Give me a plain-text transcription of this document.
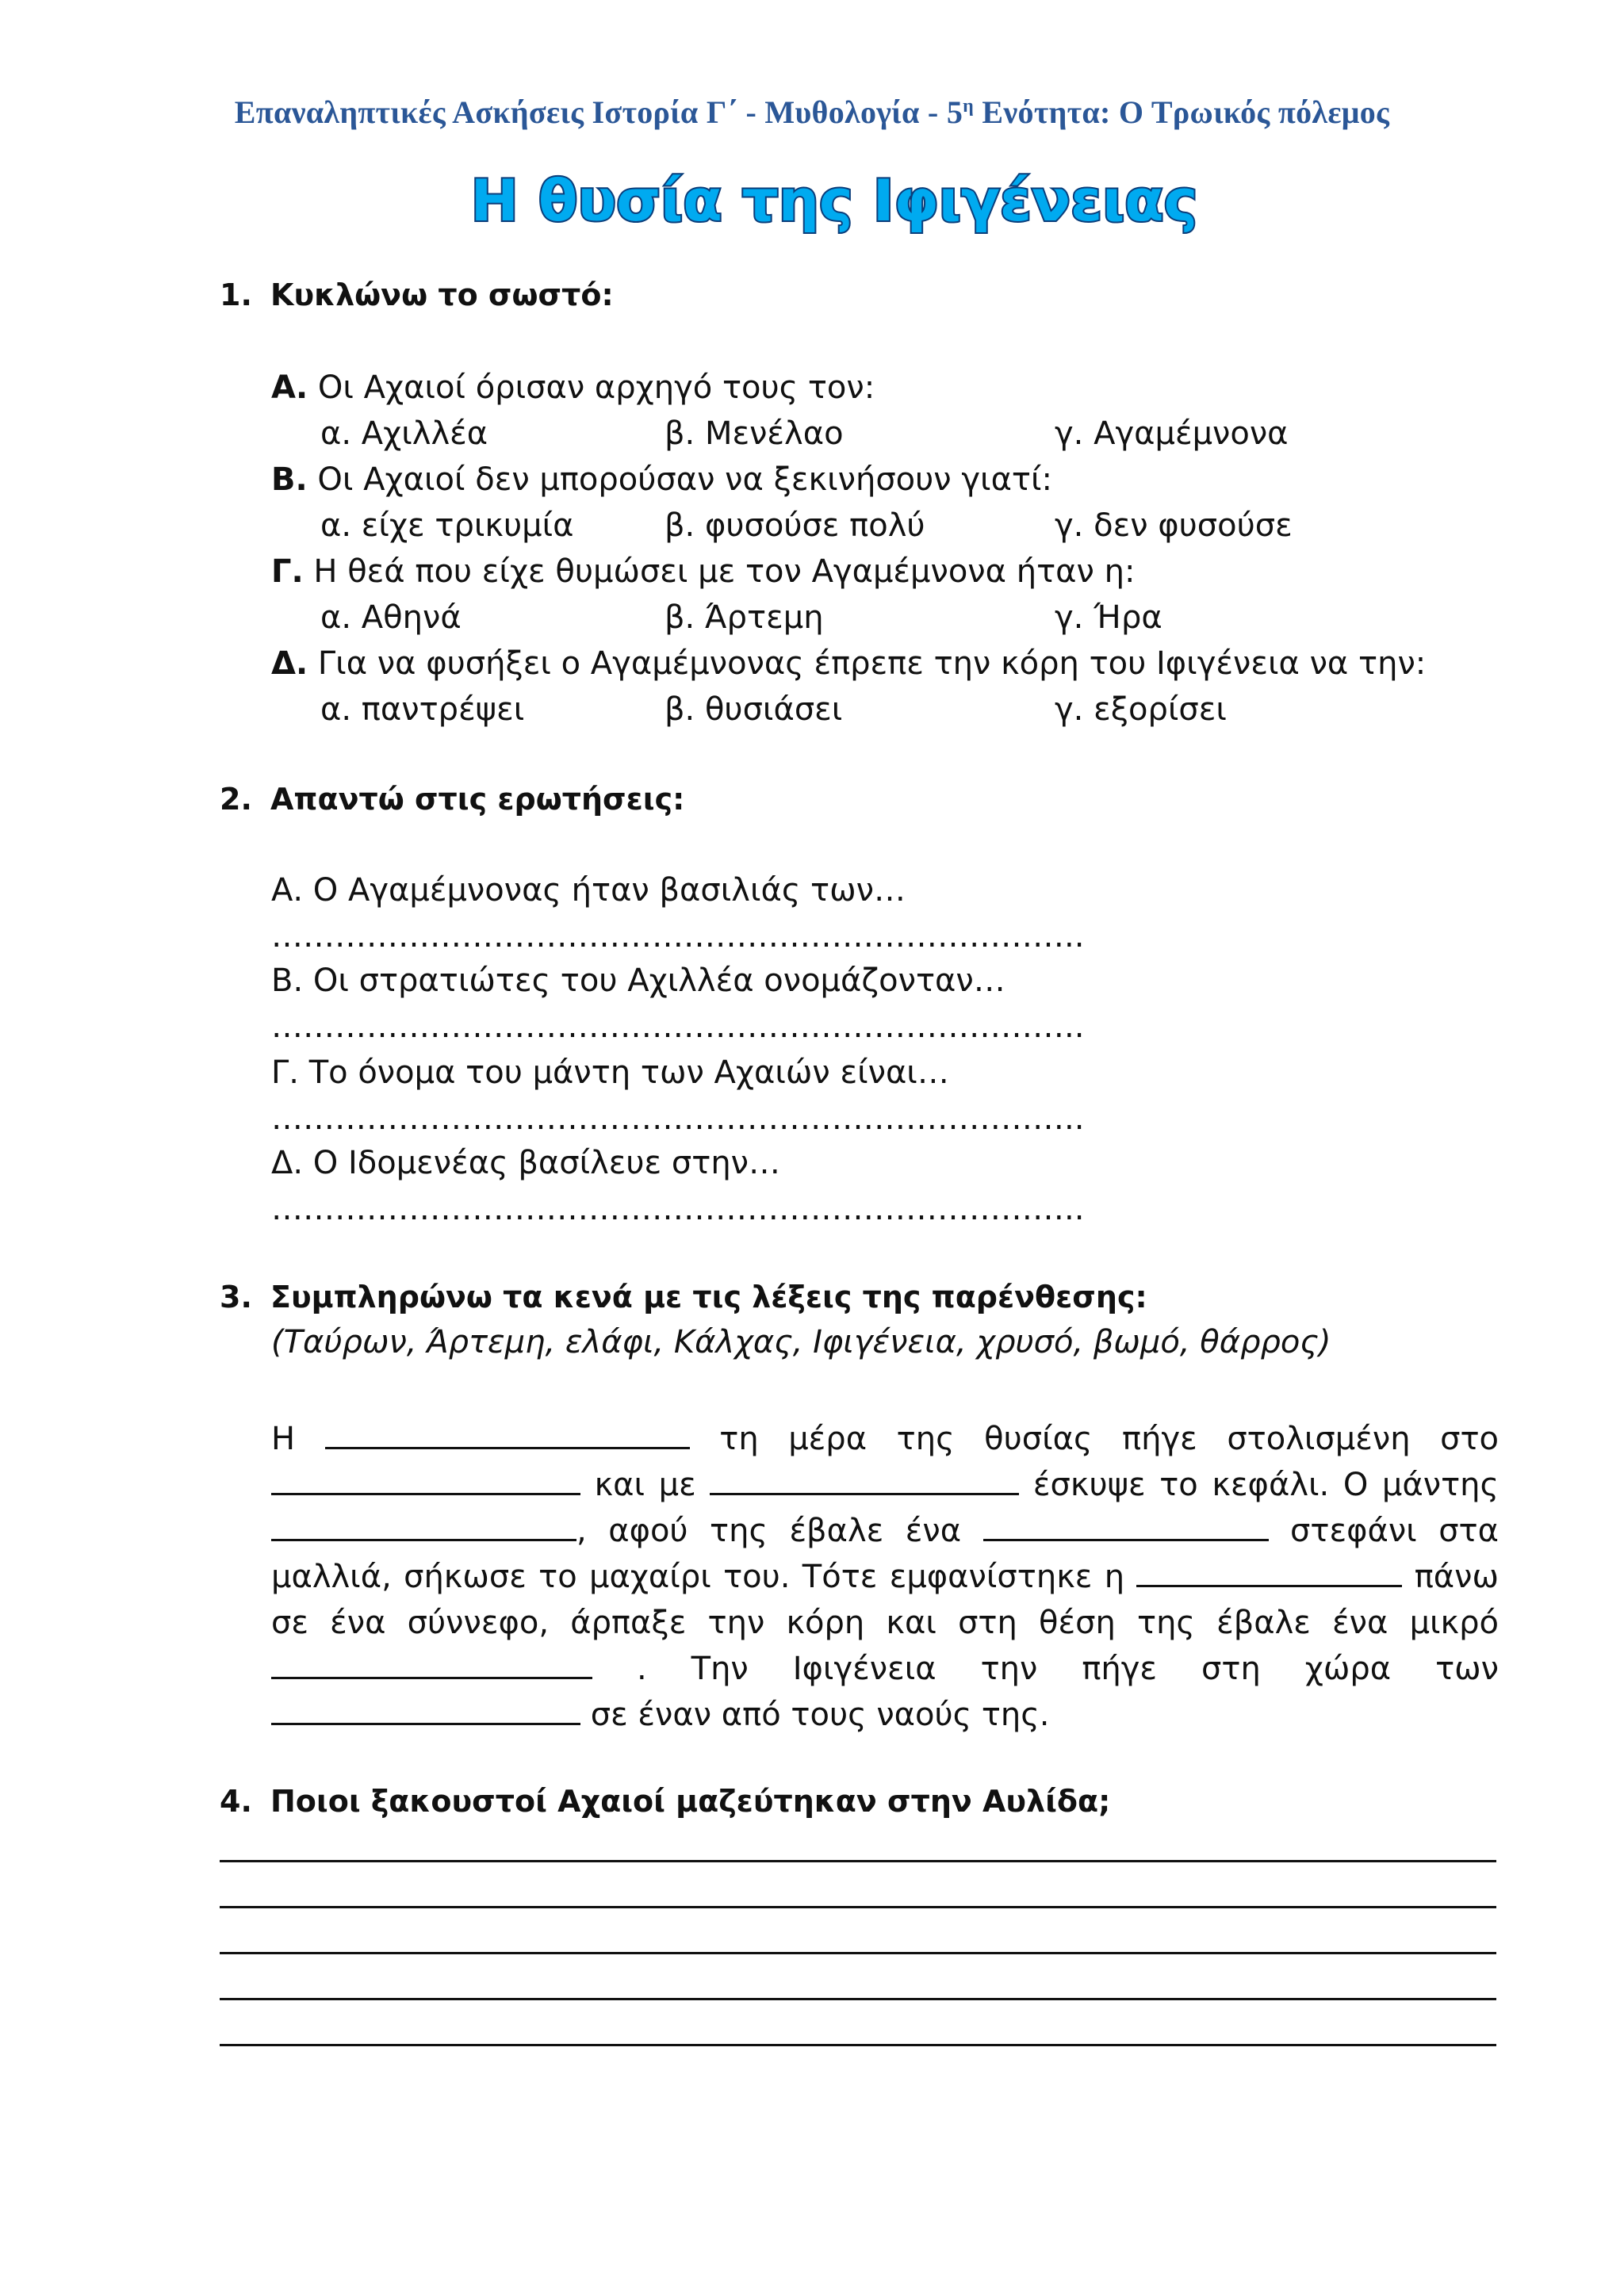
Επαναληπτικές Ασκήσεις Ιστορία Γ΄ - Μυθολογία - $5^\eta$ Ενότητα: Ο Τρωικός πόλεμος
Η θυσία της Ιφιγένειας
1. Κυκλώνω το σωστό:
Α. Οι Αχαιοί όρισαν αρχηγό τους τον:
α. Αχιλλέα	β. Μενέλαο	γ. Αγαμέμνονα
Β. Οι Αχαιοί δεν μπορούσαν να ξεκινήσουν γιατί:
α. είχε τρικυμία	β. φυσούσε πολύ	γ. δεν φυσούσε
Γ. Η θεά που είχε θυμώσει με τον Αγαμέμνονα ήταν η:
α. Αθηνά	β. Άρτεμη	γ. Ήρα
Δ. Για να φυσήξει ο Αγαμέμνονας έπρεπε την κόρη του Ιφιγένεια να την:
α. παντρέψει	β. θυσιάσει	γ. εξορίσει
2. Απαντώ στις ερωτήσεις:
Α. Ο Αγαμέμνονας ήταν βασιλιάς των…
…………………………………………………………………..
Β. Οι στρατιώτες του Αχιλλέα ονομάζονταν…
…………………………………………………………………..
Γ. Το όνομα του μάντη των Αχαιών είναι…
…………………………………………………………………..
Δ. Ο Ιδομενέας βασίλευε στην…
…………………………………………………………………..
3. Συμπληρώνω τα κενά με τις λέξεις της παρένθεσης:
(Ταύρων, Άρτεμη, ελάφι, Κάλχας, Ιφιγένεια, χρυσό, βωμό, θάρρος)
Η	τη μέρα της θυσίας πήγε στολισμένη στο  και με	έσκυψε το κεφάλι. Ο μάντης , αφού της έβαλε ένα	στεφάνι στα μαλλιά, σήκωσε το μαχαίρι του. Τότε εμφανίστηκε η	πάνω σε ένα σύννεφο, άρπαξε την κόρη και στη θέση της έβαλε ένα μικρό  . Την Ιφιγένεια την πήγε στη χώρα των  σε έναν από τους ναούς της.
4. Ποιοι ξακουστοί Αχαιοί μαζεύτηκαν στην Αυλίδα;
